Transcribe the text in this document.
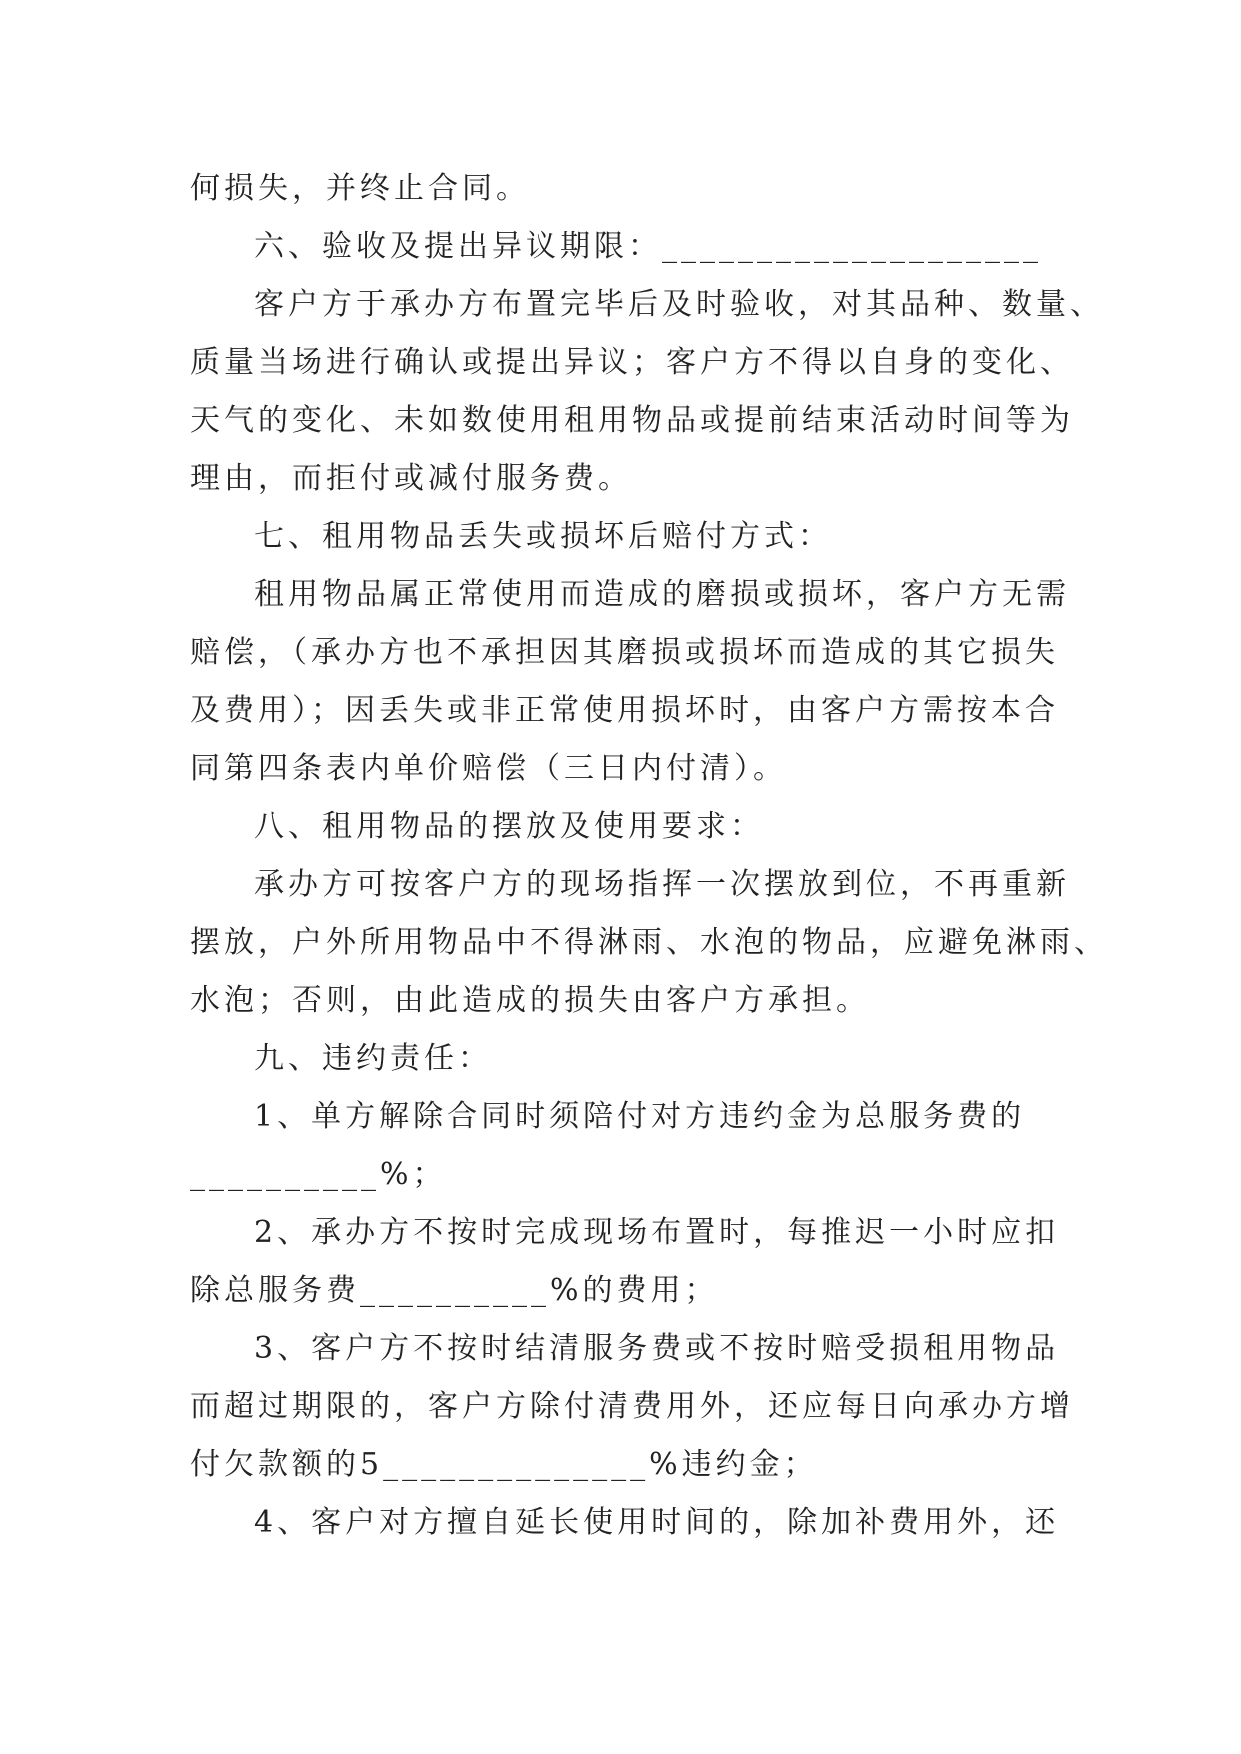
何损失，并终止合同。
六、验收及提出异议期限：____________________
客户方于承办方布置完毕后及时验收，对其品种、数量、
质量当场进行确认或提出异议；客户方不得以自身的变化、
天气的变化、未如数使用租用物品或提前结束活动时间等为
理由，而拒付或减付服务费。
七、租用物品丢失或损坏后赔付方式：
租用物品属正常使用而造成的磨损或损坏，客户方无需
赔偿，（承办方也不承担因其磨损或损坏而造成的其它损失
及费用）；因丢失或非正常使用损坏时，由客户方需按本合
同第四条表内单价赔偿（三日内付清）。
八、租用物品的摆放及使用要求：
承办方可按客户方的现场指挥一次摆放到位，不再重新
摆放，户外所用物品中不得淋雨、水泡的物品，应避免淋雨、
水泡；否则，由此造成的损失由客户方承担。
九、违约责任：
1、单方解除合同时须陪付对方违约金为总服务费的
__________%；
2、承办方不按时完成现场布置时，每推迟一小时应扣
除总服务费__________%的费用；
3、客户方不按时结清服务费或不按时赔受损租用物品
而超过期限的，客户方除付清费用外，还应每日向承办方增
付欠款额的5______________%违约金；
4、客户对方擅自延长使用时间的，除加补费用外，还
